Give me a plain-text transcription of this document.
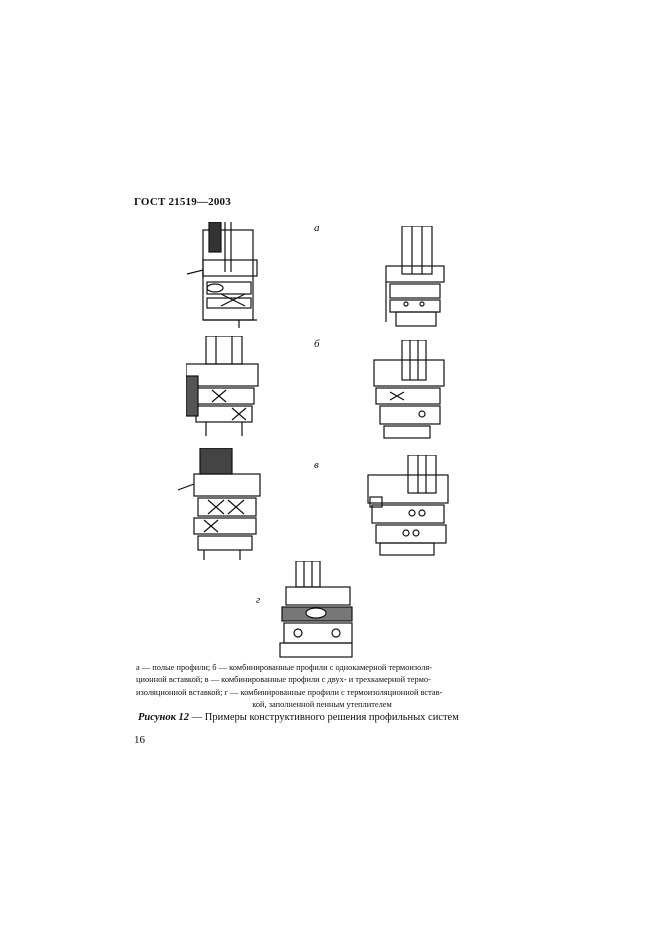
ГОСТ 21519—2003
а
б
в
г

а — полые профили; б — комбинированные профили с однокамерной термоизоля-

ционной вставкой; в — комбинированные профили с двух- и трехкамерной термо-

изоляционной вставкой; г — комбинированные профили с термоизоляционной встав-

кой, заполненной пенным утеплителем

Рисунок 12 — Примеры конструктивного решения профильных систем
16
